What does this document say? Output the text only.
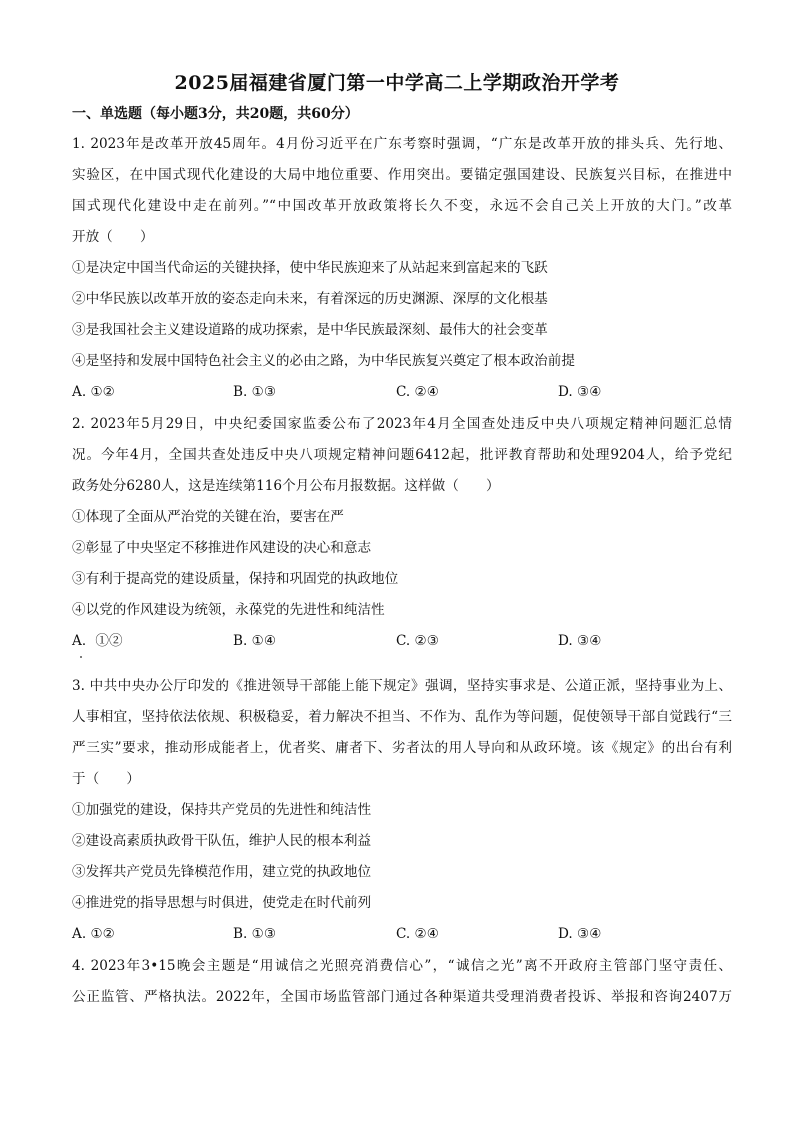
2025届福建省厦门第一中学高二上学期政治开学考
一、单选题（每小题3分，共20题，共60分）
1. 2023年是改革开放45周年。4月份习近平在广东考察时强调，“广东是改革开放的排头兵、先行地、
实验区，在中国式现代化建设的大局中地位重要、作用突出。要锚定强国建设、民族复兴目标，在推进中
国式现代化建设中走在前列。”“中国改革开放政策将长久不变，永远不会自己关上开放的大门。”改革
开放（　　）
①是决定中国当代命运的关键抉择，使中华民族迎来了从站起来到富起来的飞跃
②中华民族以改革开放的姿态走向未来，有着深远的历史渊源、深厚的文化根基
③是我国社会主义建设道路的成功探索，是中华民族最深刻、最伟大的社会变革
④是坚持和发展中国特色社会主义的必由之路，为中华民族复兴奠定了根本政治前提
A. ①②	B. ①③	C. ②④	D. ③④
2. 2023年5月29日，中央纪委国家监委公布了2023年4月全国查处违反中央八项规定精神问题汇总情
况。今年4月，全国共查处违反中央八项规定精神问题6412起，批评教育帮助和处理9204人，给予党纪
政务处分6280人，这是连续第116个月公布月报数据。这样做（　　）
①体现了全面从严治党的关键在治，要害在严
②彰显了中央坚定不移推进作风建设的决心和意志
③有利于提高党的建设质量，保持和巩固党的执政地位
④以党的作风建设为统领，永葆党的先进性和纯洁性
A．①②	B. ①④	C. ②③	D. ③④
3. 中共中央办公厅印发的《推进领导干部能上能下规定》强调，坚持实事求是、公道正派，坚持事业为上、
人事相宜，坚持依法依规、积极稳妥，着力解决不担当、不作为、乱作为等问题，促使领导干部自觉践行“三
严三实”要求，推动形成能者上，优者奖、庸者下、劣者汰的用人导向和从政环境。该《规定》的出台有利
于（　　）
①加强党的建设，保持共产党员的先进性和纯洁性
②建设高素质执政骨干队伍，维护人民的根本利益
③发挥共产党员先锋模范作用，建立党的执政地位
④推进党的指导思想与时俱进，使党走在时代前列
A. ①②	B. ①③	C. ②④	D. ③④
4. 2023年3•15晚会主题是“用诚信之光照亮消费信心”，“诚信之光”离不开政府主管部门坚守责任、
公正监管、严格执法。2022年，全国市场监管部门通过各种渠道共受理消费者投诉、举报和咨询2407万
